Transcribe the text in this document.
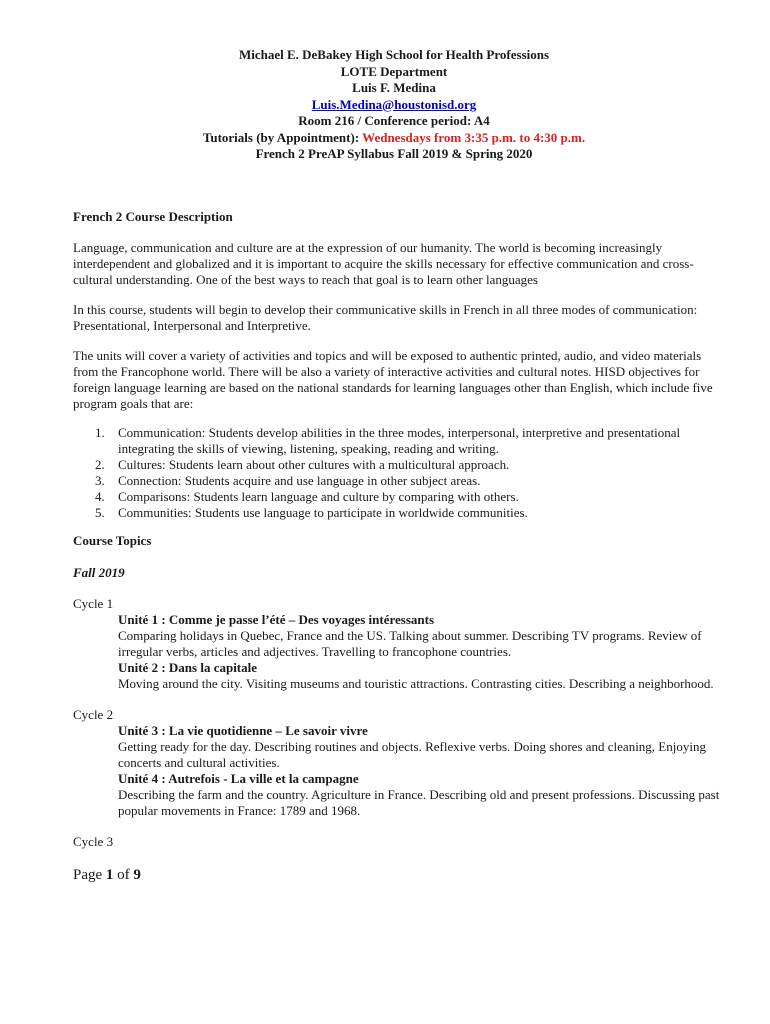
Michael E. DeBakey High School for Health Professions
LOTE Department
Luis F. Medina
Luis.Medina@houstonisd.org
Room 216 / Conference period: A4
Tutorials (by Appointment): Wednesdays from 3:35 p.m. to 4:30 p.m.
French 2 PreAP Syllabus Fall 2019 & Spring 2020
French 2 Course Description

Language, communication and culture are at the expression of our humanity. The world is becoming increasingly interdependent and globalized and it is important to acquire the skills necessary for effective communication and cross-cultural understanding. One of the best ways to reach that goal is to learn other languages

In this course, students will begin to develop their communicative skills in French in all three modes of communication: Presentational, Interpersonal and Interpretive.

The units will cover a variety of activities and topics and will be exposed to authentic printed, audio, and video materials from the Francophone world. There will be also a variety of interactive activities and cultural notes. HISD objectives for foreign language learning are based on the national standards for learning languages other than English, which include five program goals that are:

1. Communication: Students develop abilities in the three modes, interpersonal, interpretive and presentational integrating the skills of viewing, listening, speaking, reading and writing.
2. Cultures: Students learn about other cultures with a multicultural approach.
3. Connection: Students acquire and use language in other subject areas.
4. Comparisons: Students learn language and culture by comparing with others.
5. Communities: Students use language to participate in worldwide communities.
Course Topics
Fall 2019
Cycle 1
Unité 1 : Comme je passe l’été – Des voyages intéressants
Comparing holidays in Quebec, France and the US. Talking about summer. Describing TV programs. Review of irregular verbs, articles and adjectives. Travelling to francophone countries.
Unité 2 : Dans la capitale
Moving around the city. Visiting museums and touristic attractions. Contrasting cities. Describing a neighborhood.
Cycle 2
Unité 3 : La vie quotidienne – Le savoir vivre
Getting ready for the day. Describing routines and objects. Reflexive verbs. Doing shores and cleaning, Enjoying concerts and cultural activities.
Unité 4 : Autrefois - La ville et la campagne
Describing the farm and the country. Agriculture in France. Describing old and present professions. Discussing past popular movements in France: 1789 and 1968.
Cycle 3
Page 1 of 9
